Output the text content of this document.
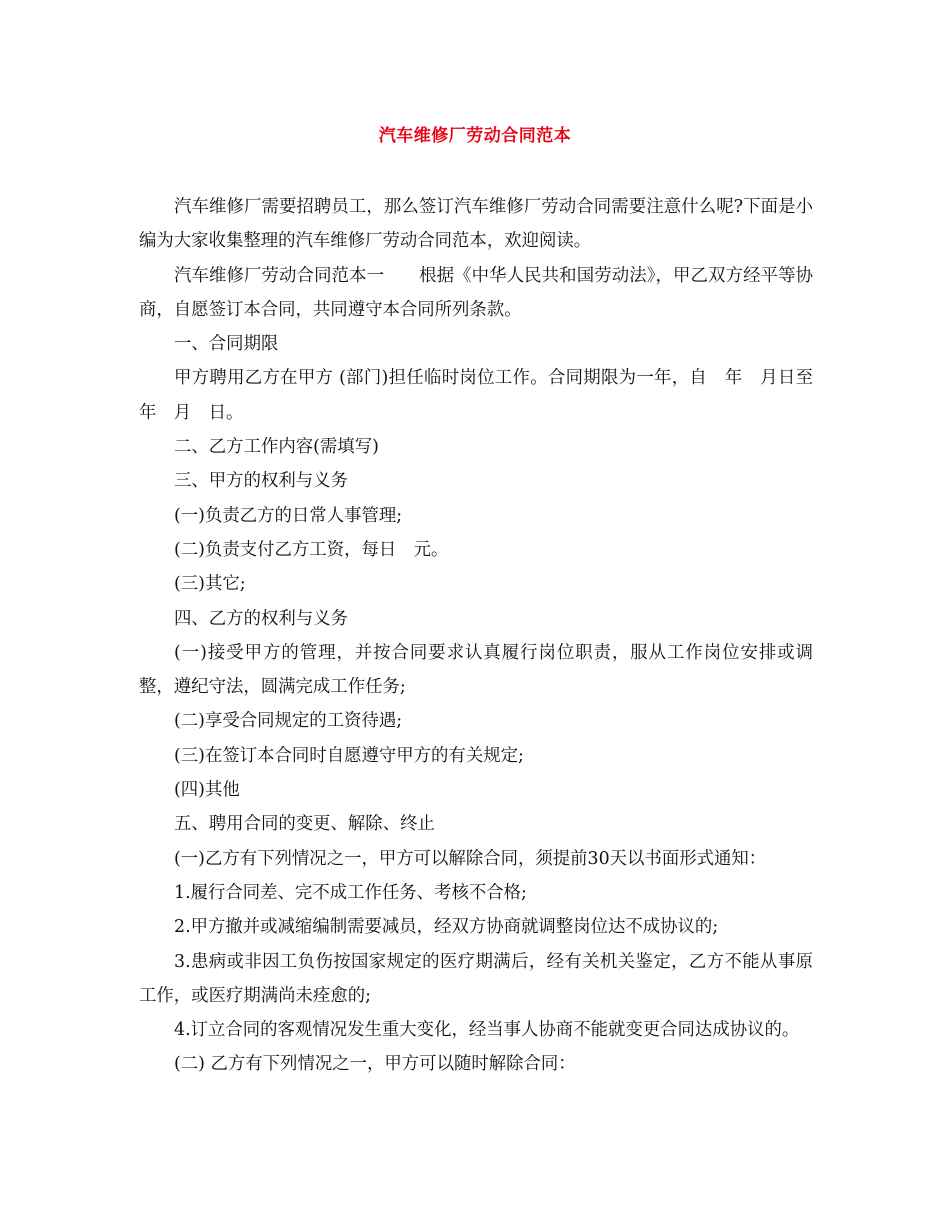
汽车维修厂劳动合同范本

汽车维修厂需要招聘员工，那么签订汽车维修厂劳动合同需要注意什么呢?下面是小编为大家收集整理的汽车维修厂劳动合同范本，欢迎阅读。

汽车维修厂劳动合同范本一　　根据《中华人民共和国劳动法》，甲乙双方经平等协商，自愿签订本合同，共同遵守本合同所列条款。

一、合同期限

甲方聘用乙方在甲方 (部门)担任临时岗位工作。合同期限为一年，自　年　月日至　年　月　日。

二、乙方工作内容(需填写)

三、甲方的权利与义务

(一)负责乙方的日常人事管理;

(二)负责支付乙方工资，每日　元。

(三)其它;

四、乙方的权利与义务

(一)接受甲方的管理，并按合同要求认真履行岗位职责，服从工作岗位安排或调整，遵纪守法，圆满完成工作任务;

(二)享受合同规定的工资待遇;

(三)在签订本合同时自愿遵守甲方的有关规定;

(四)其他

五、聘用合同的变更、解除、终止

(一)乙方有下列情况之一，甲方可以解除合同，须提前30天以书面形式通知：

1.履行合同差、完不成工作任务、考核不合格;

2.甲方撤并或减缩编制需要减员，经双方协商就调整岗位达不成协议的;

3.患病或非因工负伤按国家规定的医疗期满后，经有关机关鉴定，乙方不能从事原工作，或医疗期满尚未痊愈的;

4.订立合同的客观情况发生重大变化，经当事人协商不能就变更合同达成协议的。

(二) 乙方有下列情况之一，甲方可以随时解除合同：
